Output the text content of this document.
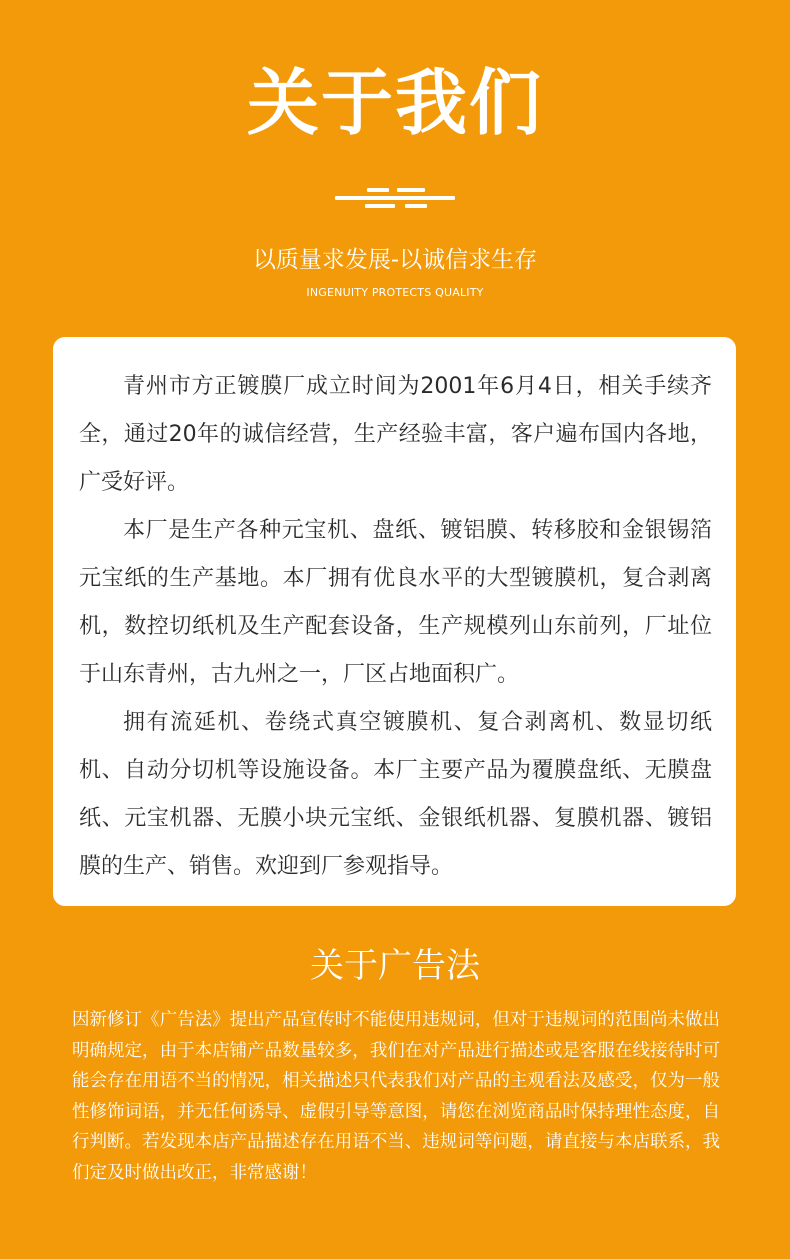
关于我们
以质量求发展-以诚信求生存
INGENUITY PROTECTS QUALITY

青州市方正镀膜厂成立时间为2001年6月4日，相关手续齐全，通过20年的诚信经营，生产经验丰富，客户遍布国内各地，广受好评。

本厂是生产各种元宝机、盘纸、镀铝膜、转移胶和金银锡箔元宝纸的生产基地。本厂拥有优良水平的大型镀膜机，复合剥离机，数控切纸机及生产配套设备，生产规模列山东前列，厂址位于山东青州，古九州之一，厂区占地面积广。

拥有流延机、卷绕式真空镀膜机、复合剥离机、数显切纸机、自动分切机等设施设备。本厂主要产品为覆膜盘纸、无膜盘纸、元宝机器、无膜小块元宝纸、金银纸机器、复膜机器、镀铝膜的生产、销售。欢迎到厂参观指导。

关于广告法

因新修订《广告法》提出产品宣传时不能使用违规词，但对于违规词的范围尚未做出明确规定，由于本店铺产品数量较多，我们在对产品进行描述或是客服在线接待时可能会存在用语不当的情况，相关描述只代表我们对产品的主观看法及感受，仅为一般性修饰词语，并无任何诱导、虚假引导等意图，请您在浏览商品时保持理性态度，自行判断。若发现本店产品描述存在用语不当、违规词等问题，请直接与本店联系，我们定及时做出改正，非常感谢！
